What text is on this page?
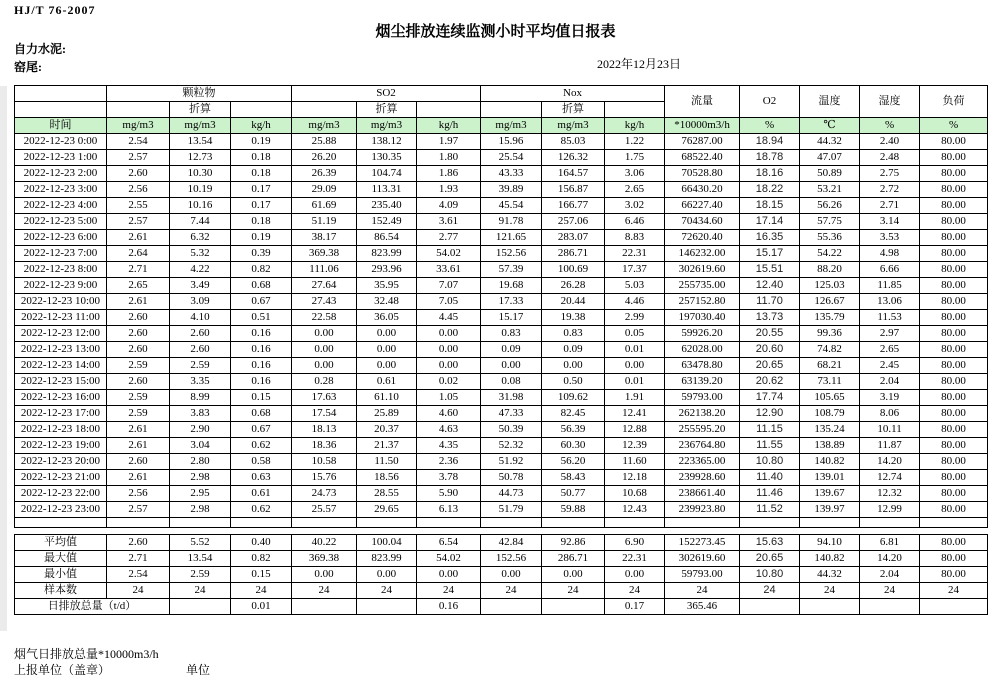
HJ/T 76-2007
烟尘排放连续监测小时平均值日报表
自力水泥:
窑尾:	2022年12月23日
	颗粒物			SO2			Nox			流量	O2	温度	湿度	负荷
		折算			折算			折算						
时间	mg/m3	mg/m3	kg/h	mg/m3	mg/m3	kg/h	mg/m3	mg/m3	kg/h	*10000m3/h	%	℃	%	%
2022-12-23 0:00	2.54	13.54	0.19	25.88	138.12	1.97	15.96	85.03	1.22	76287.00	18.94	44.32	2.40	80.00
2022-12-23 1:00	2.57	12.73	0.18	26.20	130.35	1.80	25.54	126.32	1.75	68522.40	18.78	47.07	2.48	80.00
2022-12-23 2:00	2.60	10.30	0.18	26.39	104.74	1.86	43.33	164.57	3.06	70528.80	18.16	50.89	2.75	80.00
2022-12-23 3:00	2.56	10.19	0.17	29.09	113.31	1.93	39.89	156.87	2.65	66430.20	18.22	53.21	2.72	80.00
2022-12-23 4:00	2.55	10.16	0.17	61.69	235.40	4.09	45.54	166.77	3.02	66227.40	18.15	56.26	2.71	80.00
2022-12-23 5:00	2.57	7.44	0.18	51.19	152.49	3.61	91.78	257.06	6.46	70434.60	17.14	57.75	3.14	80.00
2022-12-23 6:00	2.61	6.32	0.19	38.17	86.54	2.77	121.65	283.07	8.83	72620.40	16.35	55.36	3.53	80.00
2022-12-23 7:00	2.64	5.32	0.39	369.38	823.99	54.02	152.56	286.71	22.31	146232.00	15.17	54.22	4.98	80.00
2022-12-23 8:00	2.71	4.22	0.82	111.06	293.96	33.61	57.39	100.69	17.37	302619.60	15.51	88.20	6.66	80.00
2022-12-23 9:00	2.65	3.49	0.68	27.64	35.95	7.07	19.68	26.28	5.03	255735.00	12.40	125.03	11.85	80.00
2022-12-23 10:00	2.61	3.09	0.67	27.43	32.48	7.05	17.33	20.44	4.46	257152.80	11.70	126.67	13.06	80.00
2022-12-23 11:00	2.60	4.10	0.51	22.58	36.05	4.45	15.17	19.38	2.99	197030.40	13.73	135.79	11.53	80.00
2022-12-23 12:00	2.60	2.60	0.16	0.00	0.00	0.00	0.83	0.83	0.05	59926.20	20.55	99.36	2.97	80.00
2022-12-23 13:00	2.60	2.60	0.16	0.00	0.00	0.00	0.09	0.09	0.01	62028.00	20.60	74.82	2.65	80.00
2022-12-23 14:00	2.59	2.59	0.16	0.00	0.00	0.00	0.00	0.00	0.00	63478.80	20.65	68.21	2.45	80.00
2022-12-23 15:00	2.60	3.35	0.16	0.28	0.61	0.02	0.08	0.50	0.01	63139.20	20.62	73.11	2.04	80.00
2022-12-23 16:00	2.59	8.99	0.15	17.63	61.10	1.05	31.98	109.62	1.91	59793.00	17.74	105.65	3.19	80.00
2022-12-23 17:00	2.59	3.83	0.68	17.54	25.89	4.60	47.33	82.45	12.41	262138.20	12.90	108.79	8.06	80.00
2022-12-23 18:00	2.61	2.90	0.67	18.13	20.37	4.63	50.39	56.39	12.88	255595.20	11.15	135.24	10.11	80.00
2022-12-23 19:00	2.61	3.04	0.62	18.36	21.37	4.35	52.32	60.30	12.39	236764.80	11.55	138.89	11.87	80.00
2022-12-23 20:00	2.60	2.80	0.58	10.58	11.50	2.36	51.92	56.20	11.60	223365.00	10.80	140.82	14.20	80.00
2022-12-23 21:00	2.61	2.98	0.63	15.76	18.56	3.78	50.78	58.43	12.18	239928.60	11.40	139.01	12.74	80.00
2022-12-23 22:00	2.56	2.95	0.61	24.73	28.55	5.90	44.73	50.77	10.68	238661.40	11.46	139.67	12.32	80.00
2022-12-23 23:00	2.57	2.98	0.62	25.57	29.65	6.13	51.79	59.88	12.43	239923.80	11.52	139.97	12.99	80.00

平均值	2.60	5.52	0.40	40.22	100.04	6.54	42.84	92.86	6.90	152273.45	15.63	94.10	6.81	80.00
最大值	2.71	13.54	0.82	369.38	823.99	54.02	152.56	286.71	22.31	302619.60	20.65	140.82	14.20	80.00
最小值	2.54	2.59	0.15	0.00	0.00	0.00	0.00	0.00	0.00	59793.00	10.80	44.32	2.04	80.00
样本数	24	24	24	24	24	24	24	24	24	24	24	24	24	24
日排放总量（t/d）			0.01			0.16			0.17	365.46				
烟气日排放总量*10000m3/h
上报单位（盖章）	单位
